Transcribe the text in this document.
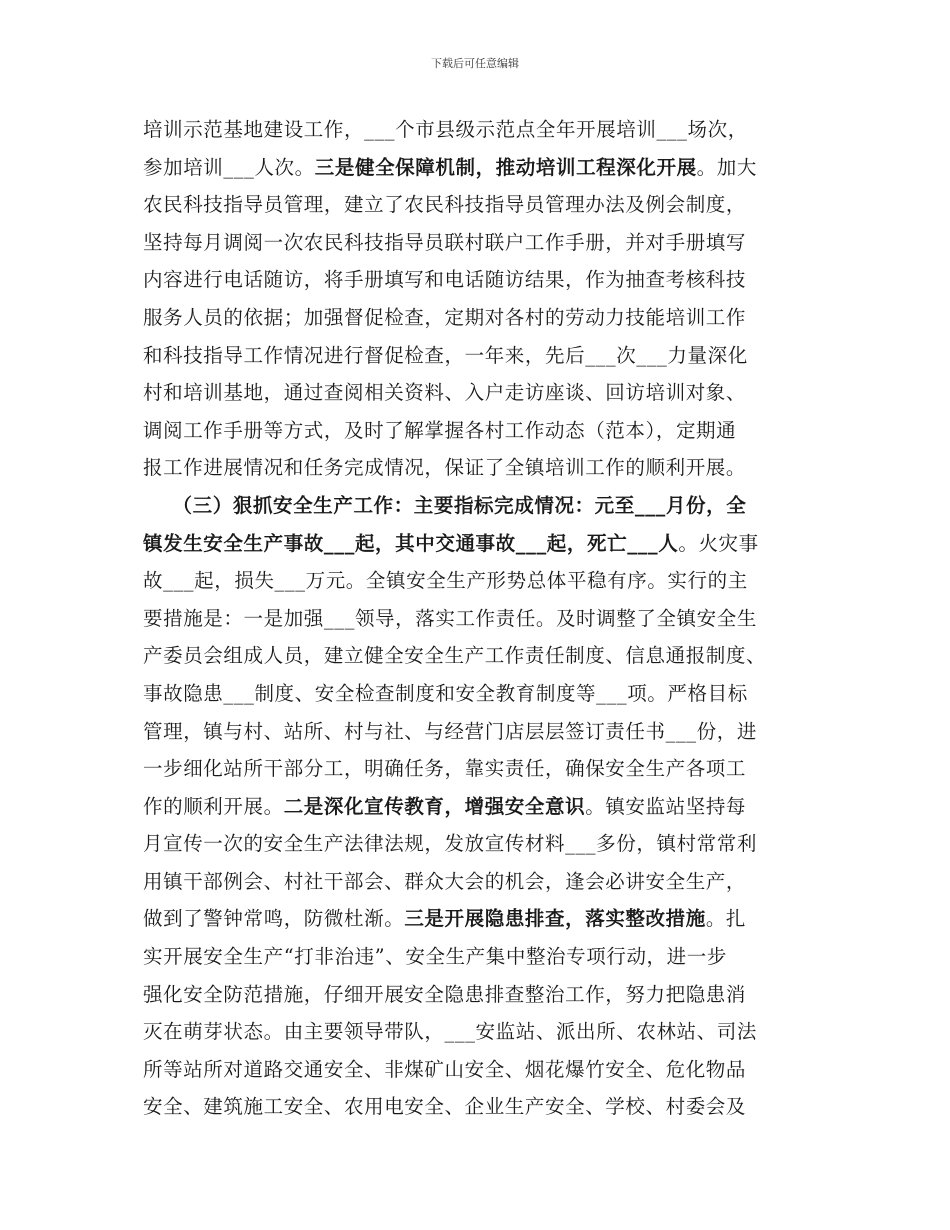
下载后可任意编辑
培训示范基地建设工作，___个市县级示范点全年开展培训___场次，
参加培训___人次。三是健全保障机制，推动培训工程深化开展。加大
农民科技指导员管理，建立了农民科技指导员管理办法及例会制度，
坚持每月调阅一次农民科技指导员联村联户工作手册，并对手册填写
内容进行电话随访，将手册填写和电话随访结果，作为抽查考核科技
服务人员的依据；加强督促检查，定期对各村的劳动力技能培训工作
和科技指导工作情况进行督促检查，一年来，先后___次___力量深化
村和培训基地，通过查阅相关资料、入户走访座谈、回访培训对象、
调阅工作手册等方式，及时了解掌握各村工作动态（范本），定期通
报工作进展情况和任务完成情况，保证了全镇培训工作的顺利开展。
（三）狠抓安全生产工作：主要指标完成情况：元至___月份，全
镇发生安全生产事故___起，其中交通事故___起，死亡___人。火灾事
故___起，损失___万元。全镇安全生产形势总体平稳有序。实行的主
要措施是：一是加强___领导，落实工作责任。及时调整了全镇安全生
产委员会组成人员，建立健全安全生产工作责任制度、信息通报制度、
事故隐患___制度、安全检查制度和安全教育制度等___项。严格目标
管理，镇与村、站所、村与社、与经营门店层层签订责任书___份，进
一步细化站所干部分工，明确任务，靠实责任，确保安全生产各项工
作的顺利开展。二是深化宣传教育，增强安全意识。镇安监站坚持每
月宣传一次的安全生产法律法规，发放宣传材料___多份，镇村常常利
用镇干部例会、村社干部会、群众大会的机会，逢会必讲安全生产，
做到了警钟常鸣，防微杜渐。三是开展隐患排查，落实整改措施。扎
实开展安全生产“打非治违”、安全生产集中整治专项行动，进一步
强化安全防范措施，仔细开展安全隐患排查整治工作，努力把隐患消
灭在萌芽状态。由主要领导带队，___安监站、派出所、农林站、司法
所等站所对道路交通安全、非煤矿山安全、烟花爆竹安全、危化物品
安全、建筑施工安全、农用电安全、企业生产安全、学校、村委会及
